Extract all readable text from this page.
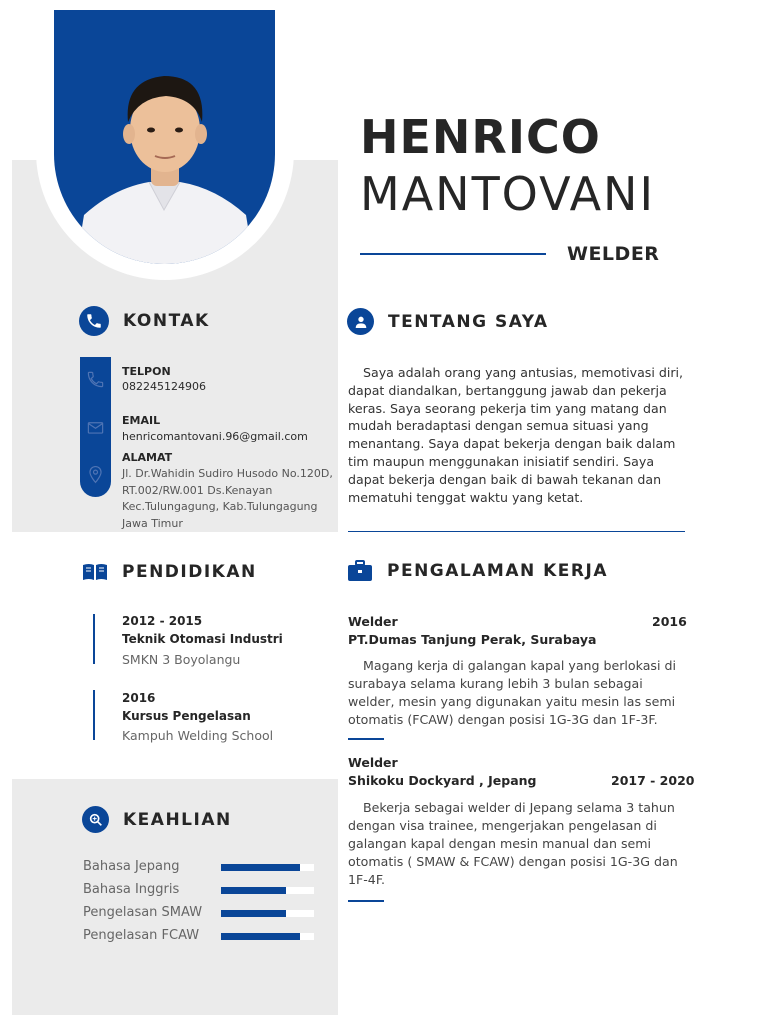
HENRICO
MANTOVANI
WELDER
KONTAK
TELPON
082245124906
EMAIL
henricomantovani.96@gmail.com
ALAMAT
Jl. Dr.Wahidin Sudiro Husodo No.120D, RT.002/RW.001 Ds.Kenayan Kec.Tulungagung, Kab.Tulungagung Jawa Timur
TENTANG SAYA
Saya adalah orang yang antusias, memotivasi diri, dapat diandalkan, bertanggung jawab dan pekerja keras. Saya seorang pekerja tim yang matang dan mudah beradaptasi dengan semua situasi yang menantang. Saya dapat bekerja dengan baik dalam tim maupun menggunakan inisiatif sendiri. Saya dapat bekerja dengan baik di bawah tekanan dan mematuhi tenggat waktu yang ketat.
PENDIDIKAN
2012 - 2015
Teknik Otomasi Industri
SMKN 3 Boyolangu
2016
Kursus Pengelasan
Kampuh Welding School
PENGALAMAN KERJA
Welder	2016
PT.Dumas Tanjung Perak, Surabaya
Magang kerja di galangan kapal yang berlokasi di surabaya selama kurang lebih 3 bulan sebagai welder, mesin yang digunakan yaitu mesin las semi otomatis (FCAW) dengan posisi 1G-3G dan 1F-3F.
Welder
2017 - 2020
Shikoku Dockyard , Jepang
Bekerja sebagai welder di Jepang selama 3 tahun dengan visa trainee, mengerjakan pengelasan di galangan kapal dengan mesin manual dan semi otomatis ( SMAW & FCAW) dengan posisi 1G-3G dan 1F-4F.
KEAHLIAN
Bahasa Jepang
Bahasa Inggris
Pengelasan SMAW
Pengelasan FCAW
